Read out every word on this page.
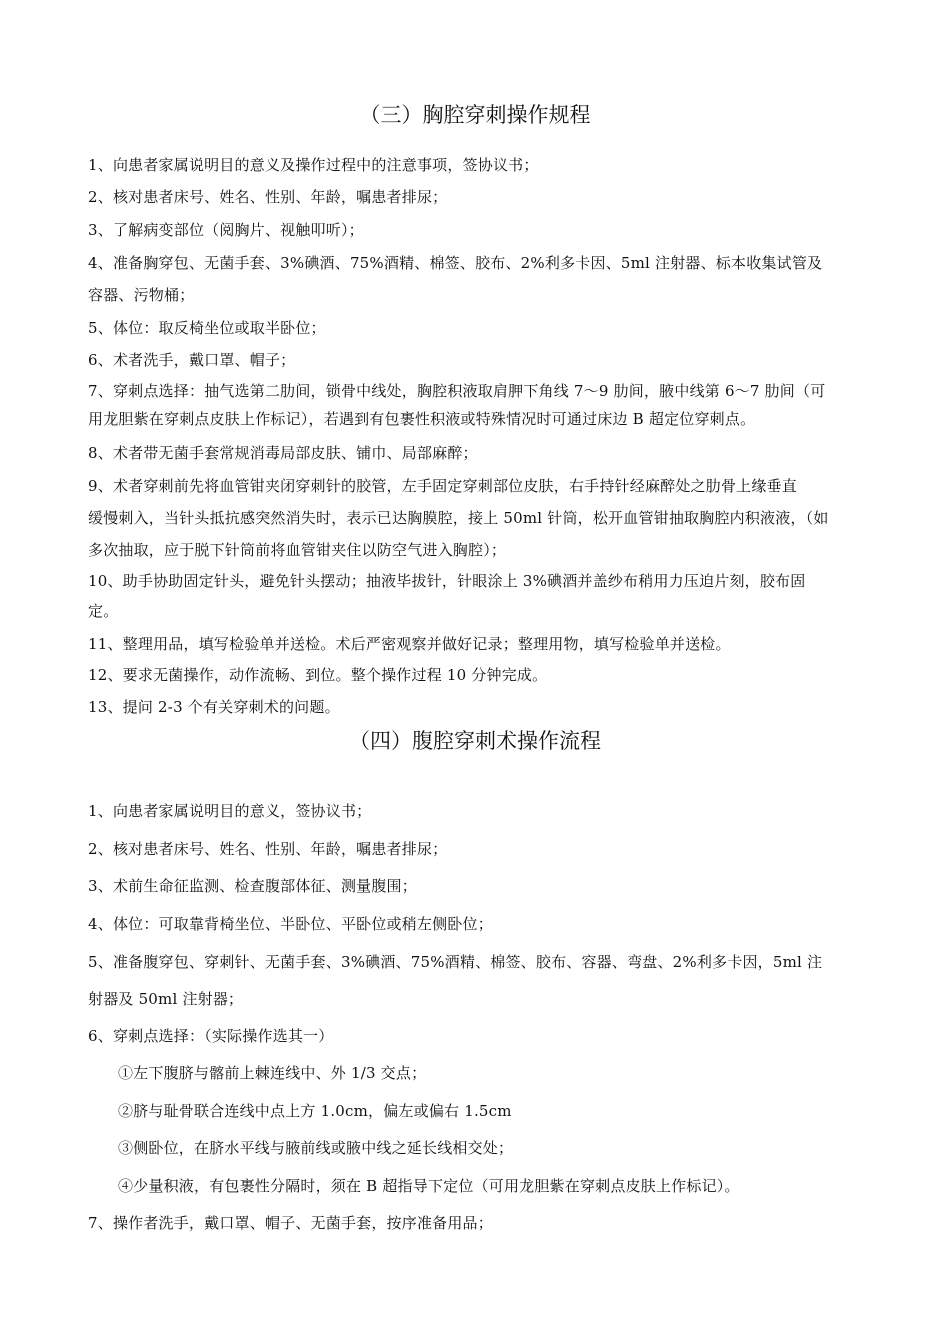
（三）胸腔穿刺操作规程
1、向患者家属说明目的意义及操作过程中的注意事项，签协议书；
2、核对患者床号、姓名、性别、年龄，嘱患者排尿；
3、了解病变部位（阅胸片、视触叩听）；
4、准备胸穿包、无菌手套、3%碘酒、75%酒精、棉签、胶布、2%利多卡因、5ml 注射器、标本收集试管及
容器、污物桶；
5、体位：取反椅坐位或取半卧位；
6、术者洗手，戴口罩、帽子；
7、穿刺点选择：抽气选第二肋间，锁骨中线处，胸腔积液取肩胛下角线 7～9 肋间，腋中线第 6～7 肋间（可
用龙胆紫在穿刺点皮肤上作标记），若遇到有包裹性积液或特殊情况时可通过床边 B 超定位穿刺点。
8、术者带无菌手套常规消毒局部皮肤、铺巾、局部麻醉；
9、术者穿刺前先将血管钳夹闭穿刺针的胶管，左手固定穿刺部位皮肤，右手持针经麻醉处之肋骨上缘垂直
缓慢刺入，当针头抵抗感突然消失时，表示已达胸膜腔，接上 50ml 针筒，松开血管钳抽取胸腔内积液液，（如
多次抽取，应于脱下针筒前将血管钳夹住以防空气进入胸腔）；
10、助手协助固定针头，避免针头摆动；抽液毕拔针，针眼涂上 3%碘酒并盖纱布稍用力压迫片刻，胶布固
定。
11、整理用品，填写检验单并送检。术后严密观察并做好记录；整理用物，填写检验单并送检。
12、要求无菌操作，动作流畅、到位。整个操作过程 10 分钟完成。
13、提问 2-3 个有关穿刺术的问题。
（四）腹腔穿刺术操作流程
1、向患者家属说明目的意义，签协议书；
2、核对患者床号、姓名、性别、年龄，嘱患者排尿；
3、术前生命征监测、检查腹部体征、测量腹围；
4、体位：可取靠背椅坐位、半卧位、平卧位或稍左侧卧位；
5、准备腹穿包、穿刺针、无菌手套、3%碘酒、75%酒精、棉签、胶布、容器、弯盘、2%利多卡因，5ml 注
射器及 50ml 注射器；
6、穿刺点选择：（实际操作选其一）
①左下腹脐与髂前上棘连线中、外 1/3 交点；
②脐与耻骨联合连线中点上方 1.0cm，偏左或偏右 1.5cm
③侧卧位，在脐水平线与腋前线或腋中线之延长线相交处；
④少量积液，有包裹性分隔时，须在 B 超指导下定位（可用龙胆紫在穿刺点皮肤上作标记）。
7、操作者洗手，戴口罩、帽子、无菌手套，按序准备用品；
